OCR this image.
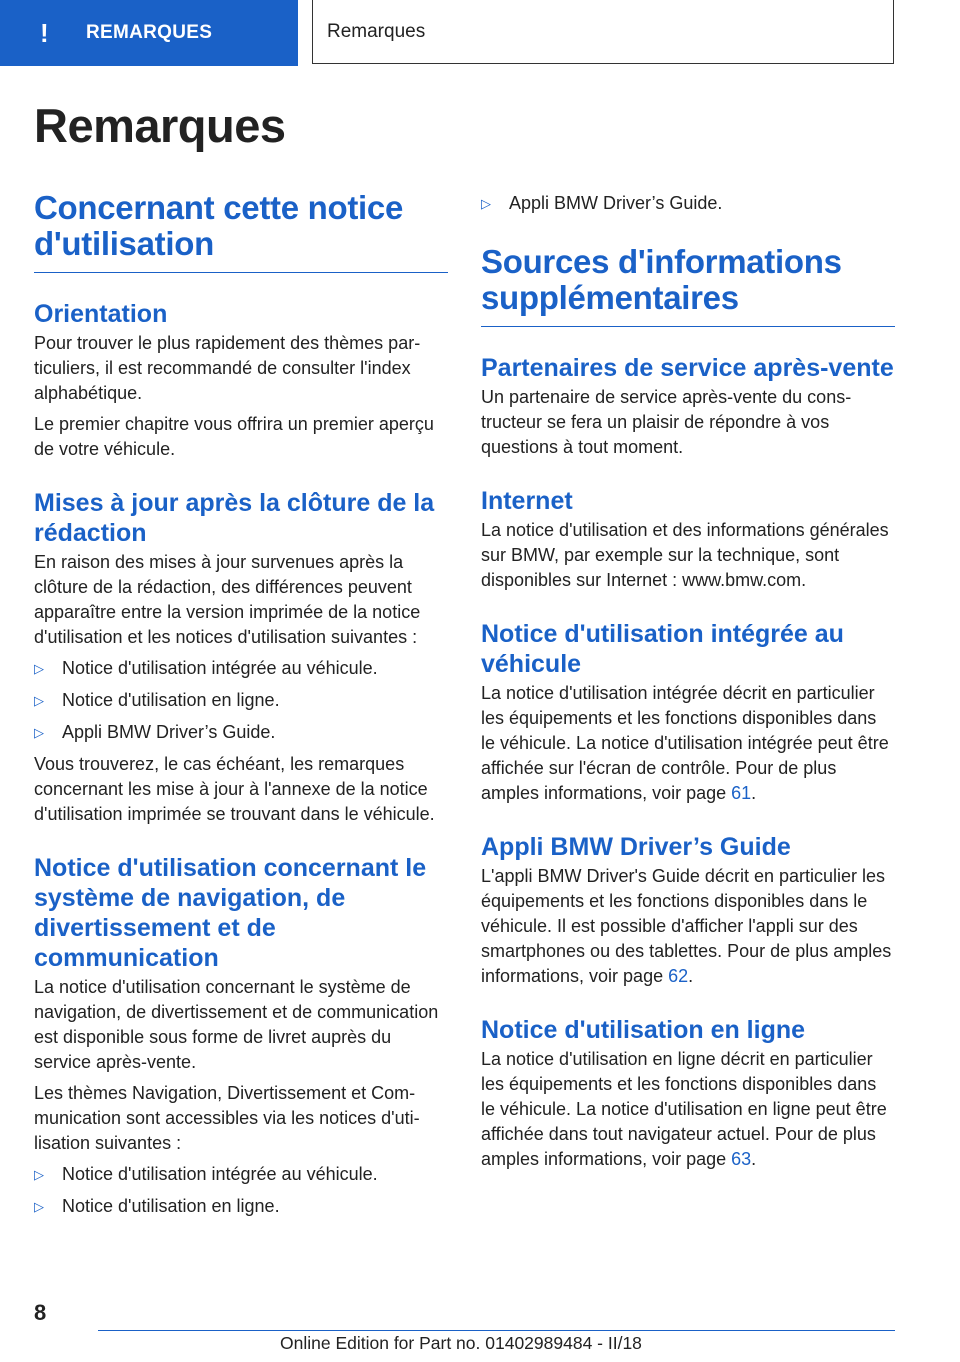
!	REMARQUES	Remarques
Remarques
Concernant cette notice d'utilisation
Orientation

Pour trouver le plus rapidement des thèmes particuliers, il est recommandé de consulter l'index alphabétique.

Le premier chapitre vous offrira un premier aperçu de votre véhicule.

Mises à jour après la clôture de la rédaction

En raison des mises à jour survenues après la clôture de la rédaction, des différences peuvent apparaître entre la version imprimée de la notice d'utilisation et les notices d'utilisation suivantes :

▷ Notice d'utilisation intégrée au véhicule.
▷ Notice d'utilisation en ligne.
▷ Appli BMW Driver’s Guide.

Vous trouverez, le cas échéant, les remarques concernant les mise à jour à l'annexe de la notice d'utilisation imprimée se trouvant dans le véhicule.

Notice d'utilisation concernant le système de navigation, de divertissement et de communication

La notice d'utilisation concernant le système de navigation, de divertissement et de communication est disponible sous forme de livret auprès du service après-vente.

Les thèmes Navigation, Divertissement et Communication sont accessibles via les notices d'utilisation suivantes :

▷ Notice d'utilisation intégrée au véhicule.
▷ Notice d'utilisation en ligne.
▷ Appli BMW Driver’s Guide.
Sources d'informations supplémentaires
Partenaires de service après-vente

Un partenaire de service après-vente du constructeur se fera un plaisir de répondre à vos questions à tout moment.

Internet

La notice d'utilisation et des informations générales sur BMW, par exemple sur la technique, sont disponibles sur Internet : www.bmw.com.

Notice d'utilisation intégrée au véhicule

La notice d'utilisation intégrée décrit en particulier les équipements et les fonctions disponibles dans le véhicule. La notice d'utilisation intégrée peut être affichée sur l'écran de contrôle. Pour de plus amples informations, voir page 61.

Appli BMW Driver’s Guide

L'appli BMW Driver's Guide décrit en particulier les équipements et les fonctions disponibles dans le véhicule. Il est possible d'afficher l'appli sur des smartphones ou des tablettes. Pour de plus amples informations, voir page 62.

Notice d'utilisation en ligne

La notice d'utilisation en ligne décrit en particulier les équipements et les fonctions disponibles dans le véhicule. La notice d'utilisation en ligne peut être affichée dans tout navigateur actuel. Pour de plus amples informations, voir page 63.

8
Online Edition for Part no. 01402989484 - II/18
